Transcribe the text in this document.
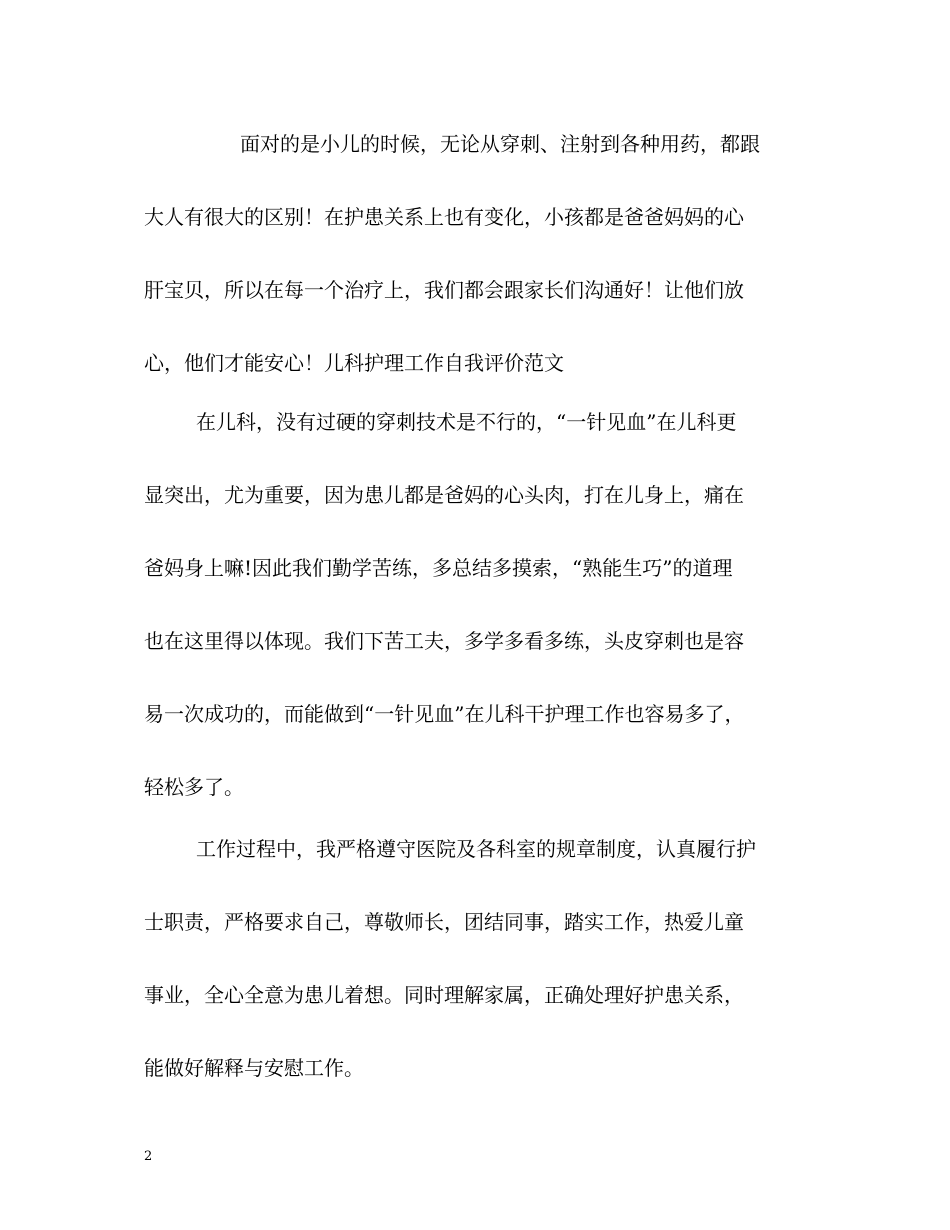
面对的是小儿的时候，无论从穿刺、注射到各种用药，都跟
大人有很大的区别！在护患关系上也有变化，小孩都是爸爸妈妈的心
肝宝贝，所以在每一个治疗上，我们都会跟家长们沟通好！让他们放
心，他们才能安心！儿科护理工作自我评价范文
在儿科，没有过硬的穿刺技术是不行的，“一针见血”在儿科更
显突出，尤为重要，因为患儿都是爸妈的心头肉，打在儿身上，痛在
爸妈身上嘛!因此我们勤学苦练，多总结多摸索，“熟能生巧”的道理
也在这里得以体现。我们下苦工夫，多学多看多练，头皮穿刺也是容
易一次成功的，而能做到“一针见血”在儿科干护理工作也容易多了，
轻松多了。
工作过程中，我严格遵守医院及各科室的规章制度，认真履行护
士职责，严格要求自己，尊敬师长，团结同事，踏实工作，热爱儿童
事业，全心全意为患儿着想。同时理解家属，正确处理好护患关系，
能做好解释与安慰工作。
2
